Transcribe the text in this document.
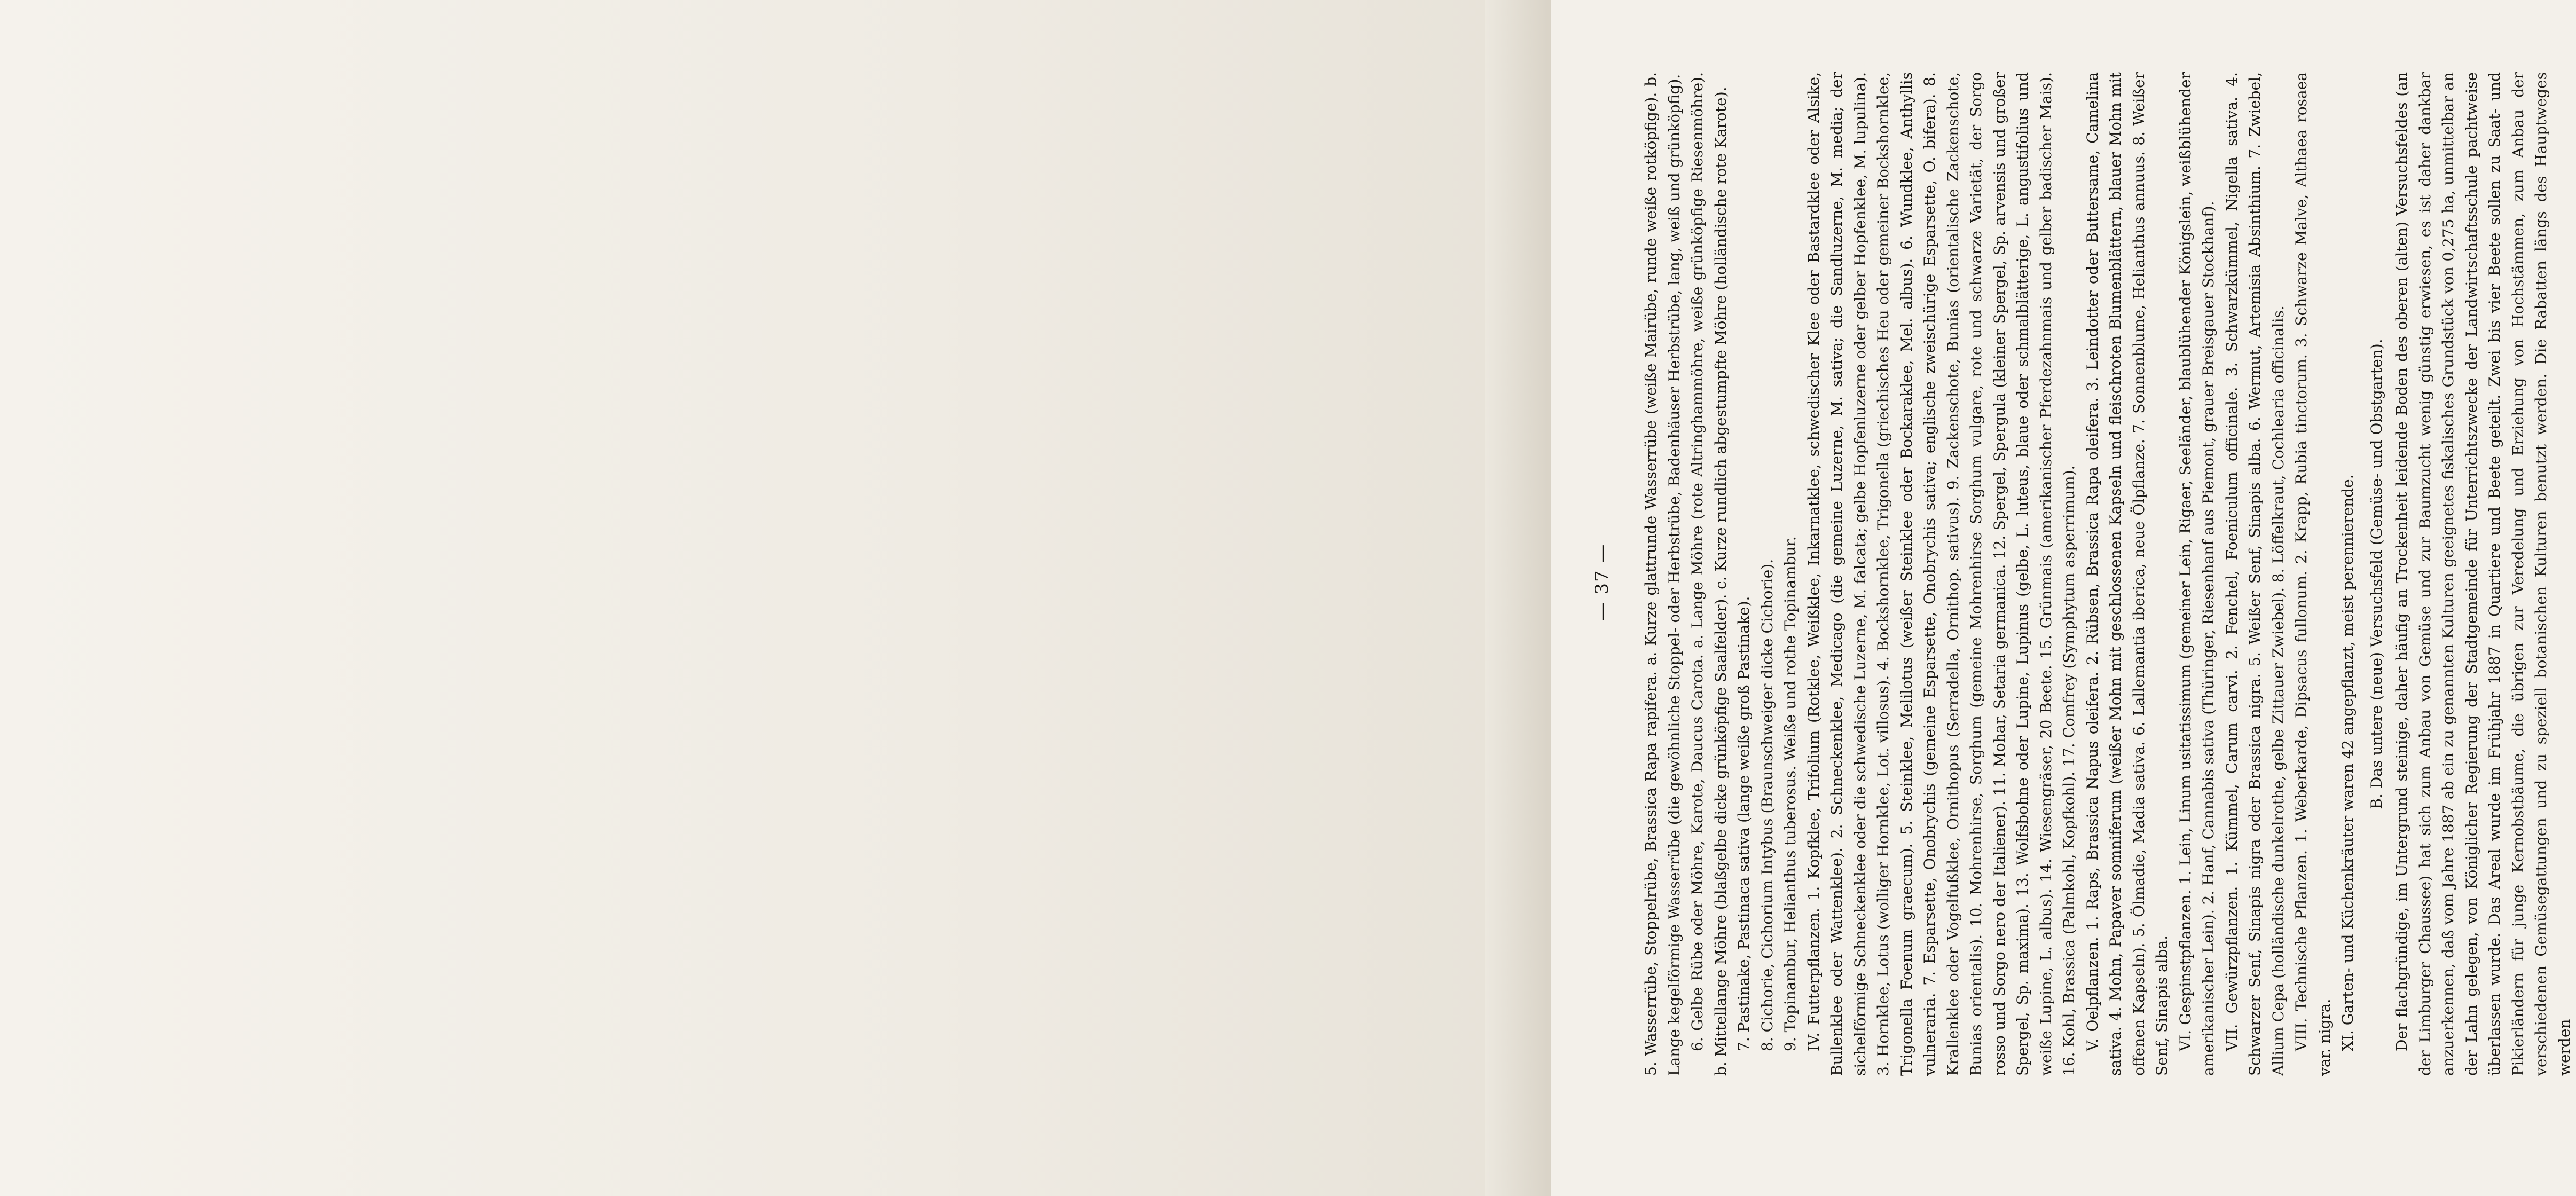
— 37 — 5. Wasserrübe, Stoppelrübe, Brassica Rapa rapifera. a. Kurze glattrunde Wasserrübe (weiße Mairübe, runde weiße rotköpfige). b. Lange kegelförmige Wasserrübe (die gewöhnliche Stoppel- oder Herbstrübe, Badenhäuser Herbstrübe, lang, weiß und grünköpfig). 6. Gelbe Rübe oder Möhre, Karote, Daucus Carota. a. Lange Möhre (rote Altringhammöhre, weiße grünköpfige Riesenmöhre). b. Mittellange Möhre (blaßgelbe dicke grünköpfige Saalfelder). c. Kurze rundlich abgestumpfte Möhre (holländische rote Karote). 7. Pastinake, Pastinaca sativa (lange weiße groß Pastinake). 8. Cichorie, Cichorium Intybus (Braunschweiger dicke Cichorie). 9. Topinambur, Helianthus tuberosus. Weiße und rothe Topinambur. IV. Futterpflanzen. 1. Kopfklee, Trifolium (Rotklee, Weißklee, Inkarnatklee, schwedischer Klee oder Bastardklee oder Alsike, Bullenklee oder Wattenklee). 2. Schneckenklee, Medicago (die gemeine Luzerne, M. sativa; die Sandluzerne, M. media; der sichelförmige Schneckenklee oder die schwedische Luzerne, M. falcata; gelbe Hopfenluzerne oder gelber Hopfenklee, M. lupulina). 3. Hornklee, Lotus (wolliger Hornklee, Lot. villosus). 4. Bockshornklee, Trigonella (griechisches Heu oder gemeiner Bockshornklee, Trigonella Foenum graecum). 5. Steinklee, Melilotus (weißer Steinklee oder Bockaraklee, Mel. albus). 6. Wundklee, Anthyllis vulneraria. 7. Esparsette, Onobrychis (gemeine Esparsette, Onobrychis sativa; englische zweischürige Esparsette, O. bifera). 8. Krallenklee oder Vogelfußklee, Ornithopus (Serradella, Ornithop. sativus). 9. Zackenschote, Bunias (orientalische Zackenschote, Bunias orientalis). 10. Mohrenhirse, Sorghum (gemeine Mohrenhirse Sorghum vulgare, rote und schwarze Varietät, der Sorgo rosso und Sorgo nero der Italiener). 11. Mohar, Setaria germanica. 12. Spergel, Spergula (kleiner Spergel, Sp. arvensis und großer Spergel, Sp. maxima). 13. Wolfsbohne oder Lupine, Lupinus (gelbe, L. luteus, blaue oder schmalblätterige, L. angustifolius und weiße Lupine, L. albus). 14. Wiesengräser, 20 Beete. 15. Grünmais (amerikanischer Pferdezahnmais und gelber badischer Mais). 16. Kohl, Brassica (Palmkohl, Kopfkohl). 17. Comfrey (Symphytum asperrimum). V. Oelpflanzen. 1. Raps, Brassica Napus oleifera. 2. Rübsen, Brassica Rapa oleifera. 3. Leindotter oder Buttersame, Camelina sativa. 4. Mohn, Papaver somniferum (weißer Mohn mit geschlossenen Kapseln und fleischroten Blumenblättern, blauer Mohn mit offenen Kapseln). 5. Ölmadie, Madia sativa. 6. Lallemantia iberica, neue Ölpflanze. 7. Sonnenblume, Helianthus annuus. 8. Weißer Senf, Sinapis alba. VI. Gespinstpflanzen. 1. Lein, Linum usitatissimum (gemeiner Lein, Rigaer, Seeländer, blaublühender Königslein, weißblühender amerikanischer Lein). 2. Hanf, Cannabis sativa (Thüringer, Riesenhanf aus Piemont, grauer Breisgauer Stockhanf). VII. Gewürzpflanzen. 1. Kümmel, Carum carvi. 2. Fenchel, Foeniculum officinale. 3. Schwarzkümmel, Nigella sativa. 4. Schwarzer Senf, Sinapis nigra oder Brassica nigra. 5. Weißer Senf, Sinapis alba. 6. Wermut, Artemisia Absinthium. 7. Zwiebel, Allium Cepa (holländische dunkelrothe, gelbe Zittauer Zwiebel). 8. Löffelkraut, Cochlearia officinalis. VIII. Technische Pflanzen. 1. Weberkarde, Dipsacus fullonum. 2. Krapp, Rubia tinctorum. 3. Schwarze Malve, Althaea rosaea var. nigra. XI. Garten- und Küchenkräuter waren 42 angepflanzt, meist perennierende. B. Das untere (neue) Versuchsfeld (Gemüse- und Obstgarten). Der flachgründige, im Untergrund steinige, daher häufig an Trockenheit leidende Boden des oberen (alten) Versuchsfeldes (an der Limburger Chaussee) hat sich zum Anbau von Gemüse und zur Baumzucht wenig günstig erwiesen, es ist daher dankbar anzuerkennen, daß vom Jahre 1887 ab ein zu genannten Kulturen geeignetes fiskalisches Grundstück von 0,275 ha, unmittelbar an der Lahn gelegen, von Königlicher Regierung der Stadtgemeinde für Unterrichtszwecke der Landwirtschaftsschule pachtweise überlassen wurde. Das Areal wurde im Frühjahr 1887 in Quartiere und Beete geteilt. Zwei bis vier Beete sollen zu Saat- und Pikierländern für junge Kernobstbäume, die übrigen zur Veredelung und Erziehung von Hochstämmen, zum Anbau der verschiedenen Gemüsegattungen und zu speziell botanischen Kulturen benutzt werden. Die Rabatten längs des Hauptweges werden
